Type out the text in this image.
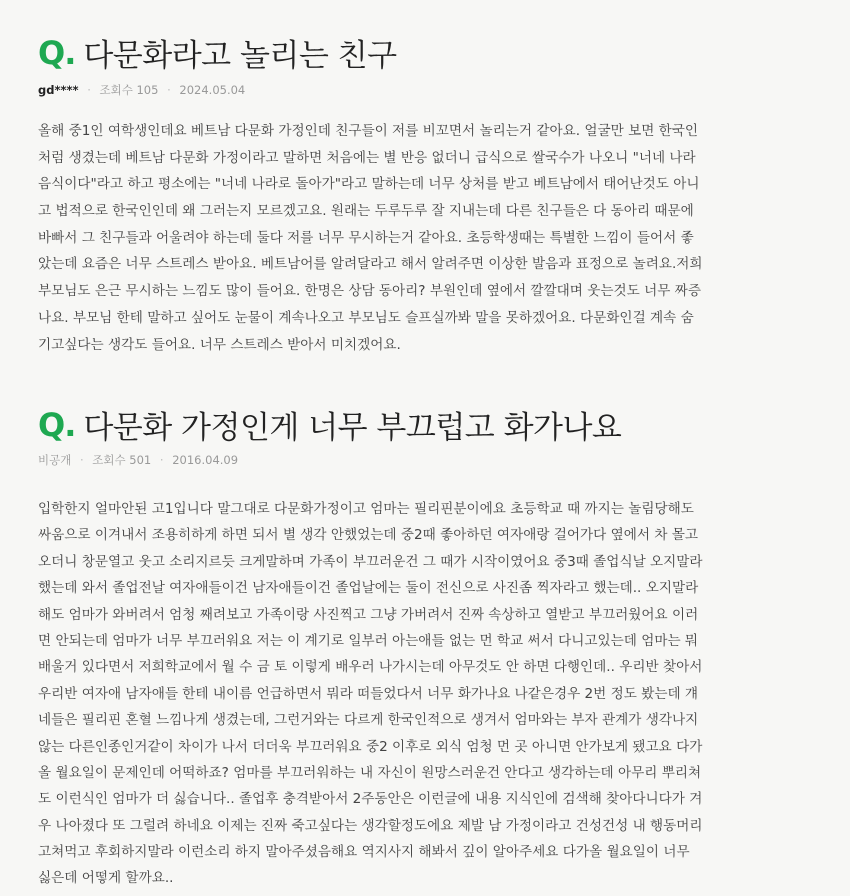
Q. 다문화라고 놀리는 친구
gd**** · 조회수 105 · 2024.05.04
올해 중1인 여학생인데요 베트남 다문화 가정인데 친구들이 저를 비꼬면서 놀리는거 같아요. 얼굴만 보면 한국인
처럼 생겼는데 베트남 다문화 가정이라고 말하면 처음에는 별 반응 없더니 급식으로 쌀국수가 나오니 "너네 나라
음식이다"라고 하고 평소에는 "너네 나라로 돌아가"라고 말하는데 너무 상처를 받고 베트남에서 태어난것도 아니
고 법적으로 한국인인데 왜 그러는지 모르겠고요. 원래는 두루두루 잘 지내는데 다른 친구들은 다 동아리 때문에
바빠서 그 친구들과 어울려야 하는데 둘다 저를 너무 무시하는거 같아요. 초등학생때는 특별한 느낌이 들어서 좋
았는데 요즘은 너무 스트레스 받아요. 베트남어를 알려달라고 해서 알려주면 이상한 발음과 표정으로 놀려요.저희
부모님도 은근 무시하는 느낌도 많이 들어요. 한명은 상담 동아리? 부원인데 옆에서 깔깔대며 웃는것도 너무 짜증
나요. 부모님 한테 말하고 싶어도 눈물이 계속나오고 부모님도 슬프실까봐 말을 못하겠어요. 다문화인걸 계속 숨
기고싶다는 생각도 들어요. 너무 스트레스 받아서 미치겠어요.
Q. 다문화 가정인게 너무 부끄럽고 화가나요
비공개 · 조회수 501 · 2016.04.09
입학한지 얼마안된 고1입니다 말그대로 다문화가정이고 엄마는 필리핀분이에요 초등학교 때 까지는 놀림당해도
싸움으로 이겨내서 조용히하게 하면 되서 별 생각 안했었는데 중2때 좋아하던 여자애랑 걸어가다 옆에서 차 몰고
오더니 창문열고 웃고 소리지르듯 크게말하며 가족이 부끄러운건 그 때가 시작이였어요 중3때 졸업식날 오지말라
했는데 와서 졸업전날 여자애들이건 남자애들이건 졸업날에는 둘이 전신으로 사진좀 찍자라고 했는데.. 오지말라
해도 엄마가 와버려서 엄청 째려보고 가족이랑 사진찍고 그냥 가버려서 진짜 속상하고 열받고 부끄러웠어요 이러
면 안되는데 엄마가 너무 부끄러워요 저는 이 계기로 일부러 아는애들 없는 먼 학교 써서 다니고있는데 엄마는 뭐
배울거 있다면서 저희학교에서 월 수 금 토 이렇게 배우러 나가시는데 아무것도 안 하면 다행인데.. 우리반 찾아서
우리반 여자애 남자애들 한테 내이름 언급하면서 뭐라 떠들었다서 너무 화가나요 나같은경우 2번 정도 봤는데 걔
네들은 필리핀 혼혈 느낌나게 생겼는데, 그런거와는 다르게 한국인적으로 생겨서 엄마와는 부자 관계가 생각나지
않는 다른인종인거같이 차이가 나서 더더욱 부끄러워요 중2 이후로 외식 엄청 먼 곳 아니면 안가보게 됐고요 다가
올 월요일이 문제인데 어떡하죠? 엄마를 부끄러워하는 내 자신이 원망스러운건 안다고 생각하는데 아무리 뿌리쳐
도 이런식인 엄마가 더 싫습니다.. 졸업후 충격받아서 2주동안은 이런글에 내용 지식인에 검색해 찾아다니다가 겨
우 나아졌다 또 그럴려 하네요 이제는 진짜 죽고싶다는 생각할정도에요 제발 남 가정이라고 건성건성 내 행동머리
고쳐먹고 후회하지말라 이런소리 하지 말아주셨음해요 역지사지 해봐서 깊이 알아주세요 다가올 월요일이 너무
싫은데 어떻게 할까요..
